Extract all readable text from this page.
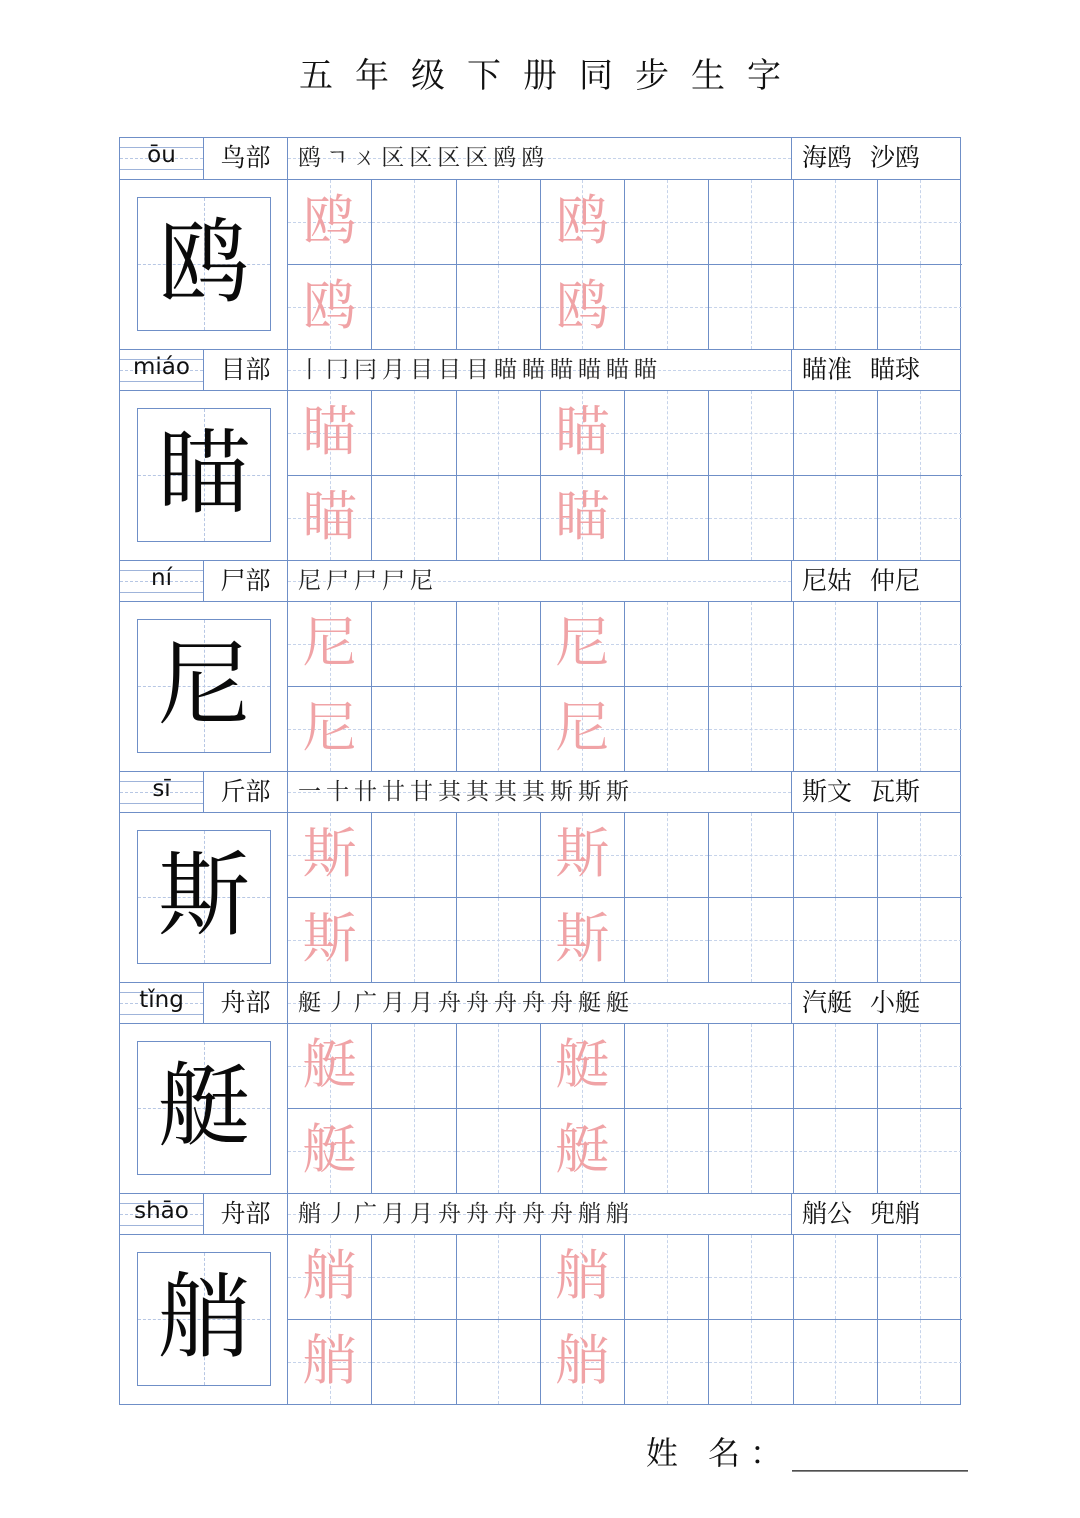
五年级下册同步生字
ōu	鸟部	鸥 ㄱ ㄨ 区 区 区 区 鸥 鸥	海鸥 沙鸥
鸥 鸥	鸥
鸥	鸥
miáo	目部	丨 冂 冃 月 目 目 目 瞄 瞄 瞄 瞄 瞄 瞄	瞄准 瞄球
瞄 瞄	瞄
瞄	瞄
ní	尸部	尼 尸 尸 尸 尼	尼姑 仲尼
尼 尼	尼
尼	尼
sī	斤部	一 十 卄 廿 甘 其 其 其 其 斯 斯 斯	斯文 瓦斯
斯 斯	斯
斯	斯
tǐng	舟部	艇 丿 广 月 月 舟 舟 舟 舟 舟 艇 艇	汽艇 小艇
艇 艇	艇
艇	艇
shāo	舟部	艄 丿 广 月 月 舟 舟 舟 舟 舟 艄 艄	艄公 兜艄
艄 艄	艄
艄	艄
姓 名：___________
